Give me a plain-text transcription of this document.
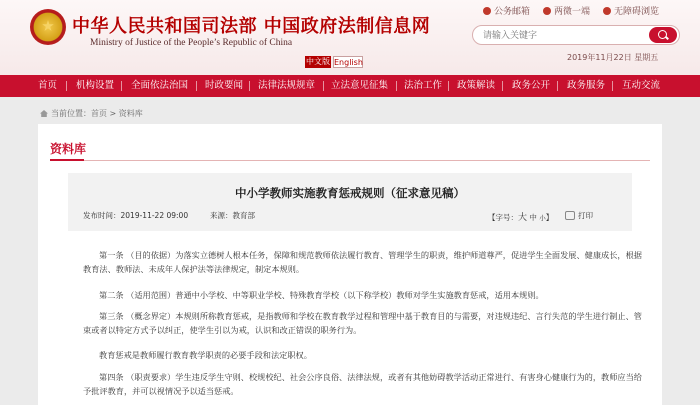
中华人民共和国司法部 中国政府法制信息网
Ministry of Justice of the People’s Republic of China
中文版 English
公务邮箱	两微一端	无障碍浏览
请输入关键字
2019年11月22日 星期五
首页 机构设置 全面依法治国 时政要闻 法律法规规章 立法意见征集 法治工作 政策解读 政务公开 政务服务 互动交流
当前位置：首页 > 资料库
资料库
中小学教师实施教育惩戒规则（征求意见稿）
发布时间：2019-11-22 09:00	来源：教育部	【字号：大 中 小】	打印
第一条 （目的依据）为落实立德树人根本任务，保障和规范教师依法履行教育、管理学生的职责，维护师道尊严，促进学生全面发展、健康成长，根据教育法、教师法、未成年人保护法等法律规定，制定本规则。
第二条 （适用范围）普通中小学校、中等职业学校、特殊教育学校（以下称学校）教师对学生实施教育惩戒，适用本规则。
第三条 （概念界定）本规则所称教育惩戒，是指教师和学校在教育教学过程和管理中基于教育目的与需要，对违规违纪、言行失范的学生进行制止、管束或者以特定方式予以纠正，使学生引以为戒，认识和改正错误的职务行为。
教育惩戒是教师履行教育教学职责的必要手段和法定职权。
第四条 （职责要求）学生违反学生守则、校规校纪、社会公序良俗、法律法规，或者有其他妨碍教学活动正常进行、有害身心健康行为的，教师应当给予批评教育，并可以视情况予以适当惩戒。
